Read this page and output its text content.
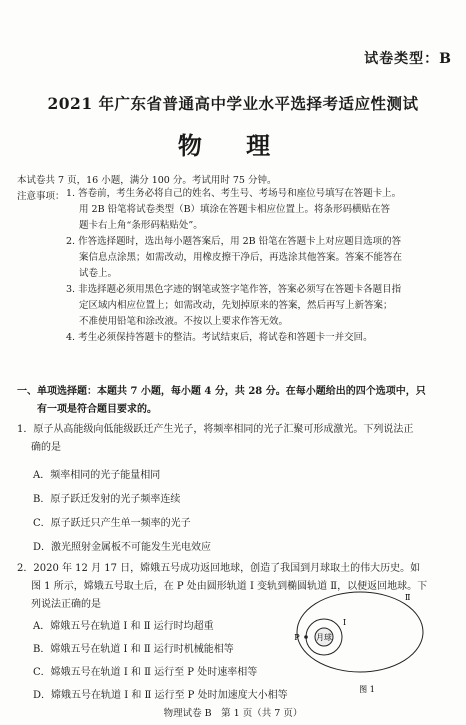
试卷类型：B
2021 年广东省普通高中学业水平选择考适应性测试
物 理
本试卷共 7 页，16 小题，满分 100 分。考试用时 75 分钟。
注意事项： 1. 答卷前，考生务必将自己的姓名、考生号、考场号和座位号填写在答题卡上。
用 2B 铅笔将试卷类型（B）填涂在答题卡相应位置上。将条形码横贴在答
题卡右上角“条形码粘贴处”。
2. 作答选择题时，选出每小题答案后，用 2B 铅笔在答题卡上对应题目选项的答
案信息点涂黑；如需改动，用橡皮擦干净后，再选涂其他答案。答案不能答在
试卷上。
3. 非选择题必须用黑色字迹的钢笔或签字笔作答，答案必须写在答题卡各题目指
定区域内相应位置上；如需改动，先划掉原来的答案，然后再写上新答案；
不准使用铅笔和涂改液。不按以上要求作答无效。
4. 考生必须保持答题卡的整洁。考试结束后，将试卷和答题卡一并交回。
一、单项选择题：本题共 7 小题，每小题 4 分，共 28 分。在每小题给出的四个选项中，只
有一项是符合题目要求的。
1．原子从高能级向低能级跃迁产生光子，将频率相同的光子汇聚可形成激光。下列说法正
确的是
A．频率相同的光子能量相同
B．原子跃迁发射的光子频率连续
C．原子跃迁只产生单一频率的光子
D．激光照射金属板不可能发生光电效应
2．2020 年 12 月 17 日，嫦娥五号成功返回地球，创造了我国到月球取土的伟大历史。如
图 1 所示，嫦娥五号取土后，在 P 处由圆形轨道 Ⅰ 变轨到椭圆轨道 Ⅱ，以便返回地球。下
列说法正确的是
A．嫦娥五号在轨道 Ⅰ 和 Ⅱ 运行时均超重
B．嫦娥五号在轨道 Ⅰ 和 Ⅱ 运行时机械能相等
C．嫦娥五号在轨道 Ⅰ 和 Ⅱ 运行至 P 处时速率相等
D．嫦娥五号在轨道 Ⅰ 和 Ⅱ 运行至 P 处时加速度大小相等
月球
P
Ⅰ
Ⅱ
图 1
物理试卷 B　第 1 页（共 7 页）
